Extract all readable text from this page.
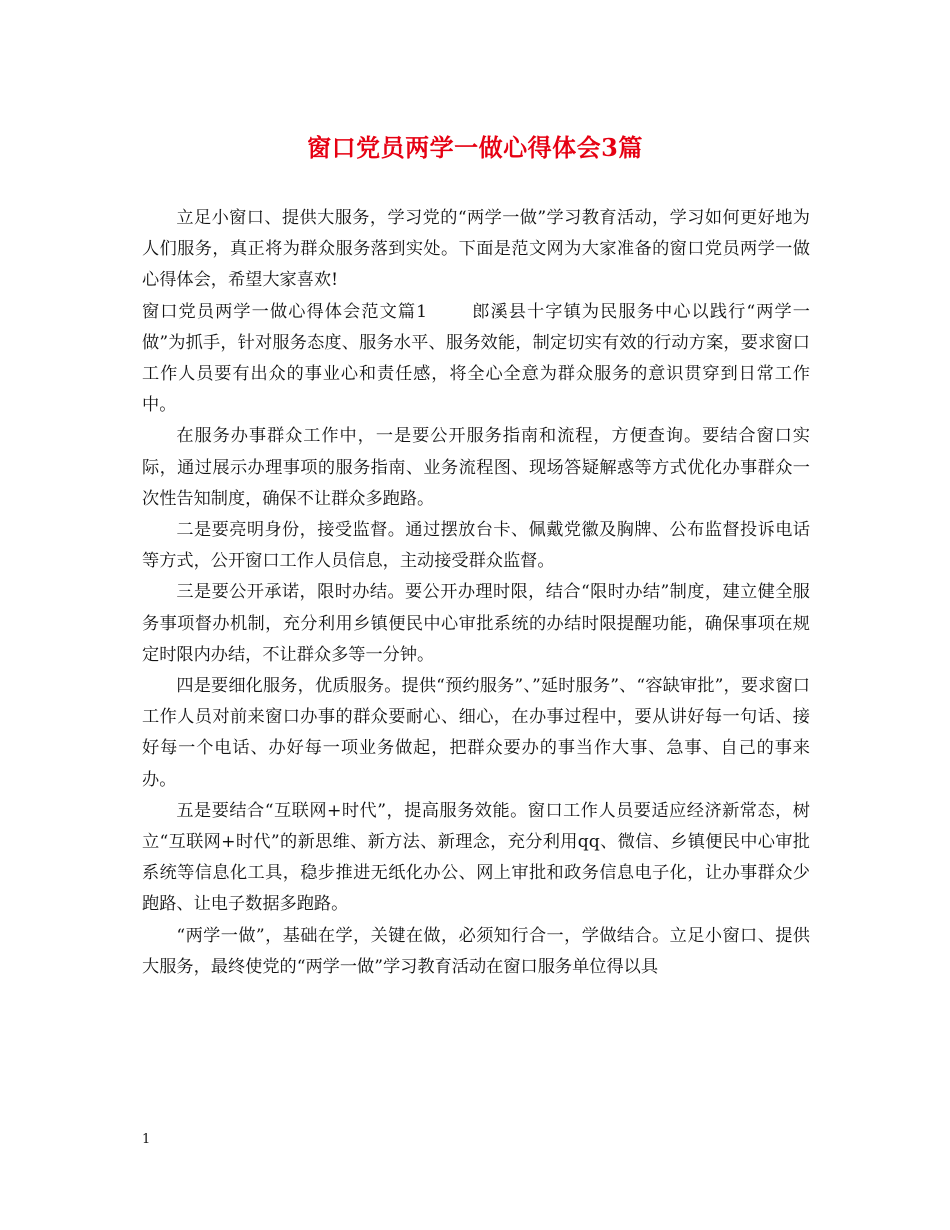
窗口党员两学一做心得体会3篇

立足小窗口、提供大服务，学习党的“两学一做”学习教育活动，学习如何更好地为人们服务，真正将为群众服务落到实处。下面是范文网为大家准备的窗口党员两学一做心得体会，希望大家喜欢!

窗口党员两学一做心得体会范文篇1	郎溪县十字镇为民服务中心以践行“两学一做”为抓手，针对服务态度、服务水平、服务效能，制定切实有效的行动方案，要求窗口工作人员要有出众的事业心和责任感，将全心全意为群众服务的意识贯穿到日常工作中。

在服务办事群众工作中，一是要公开服务指南和流程，方便查询。要结合窗口实际，通过展示办理事项的服务指南、业务流程图、现场答疑解惑等方式优化办事群众一次性告知制度，确保不让群众多跑路。

二是要亮明身份，接受监督。通过摆放台卡、佩戴党徽及胸牌、公布监督投诉电话等方式，公开窗口工作人员信息，主动接受群众监督。

三是要公开承诺，限时办结。要公开办理时限，结合“限时办结”制度，建立健全服务事项督办机制，充分利用乡镇便民中心审批系统的办结时限提醒功能，确保事项在规定时限内办结，不让群众多等一分钟。

四是要细化服务，优质服务。提供“预约服务”、”延时服务”、“容缺审批”，要求窗口工作人员对前来窗口办事的群众要耐心、细心，在办事过程中，要从讲好每一句话、接好每一个电话、办好每一项业务做起，把群众要办的事当作大事、急事、自己的事来办。

五是要结合“互联网+时代”，提高服务效能。窗口工作人员要适应经济新常态，树立“互联网+时代”的新思维、新方法、新理念，充分利用qq、微信、乡镇便民中心审批系统等信息化工具，稳步推进无纸化办公、网上审批和政务信息电子化，让办事群众少跑路、让电子数据多跑路。

“两学一做”，基础在学，关键在做，必须知行合一，学做结合。立足小窗口、提供大服务，最终使党的“两学一做”学习教育活动在窗口服务单位得以具

1
